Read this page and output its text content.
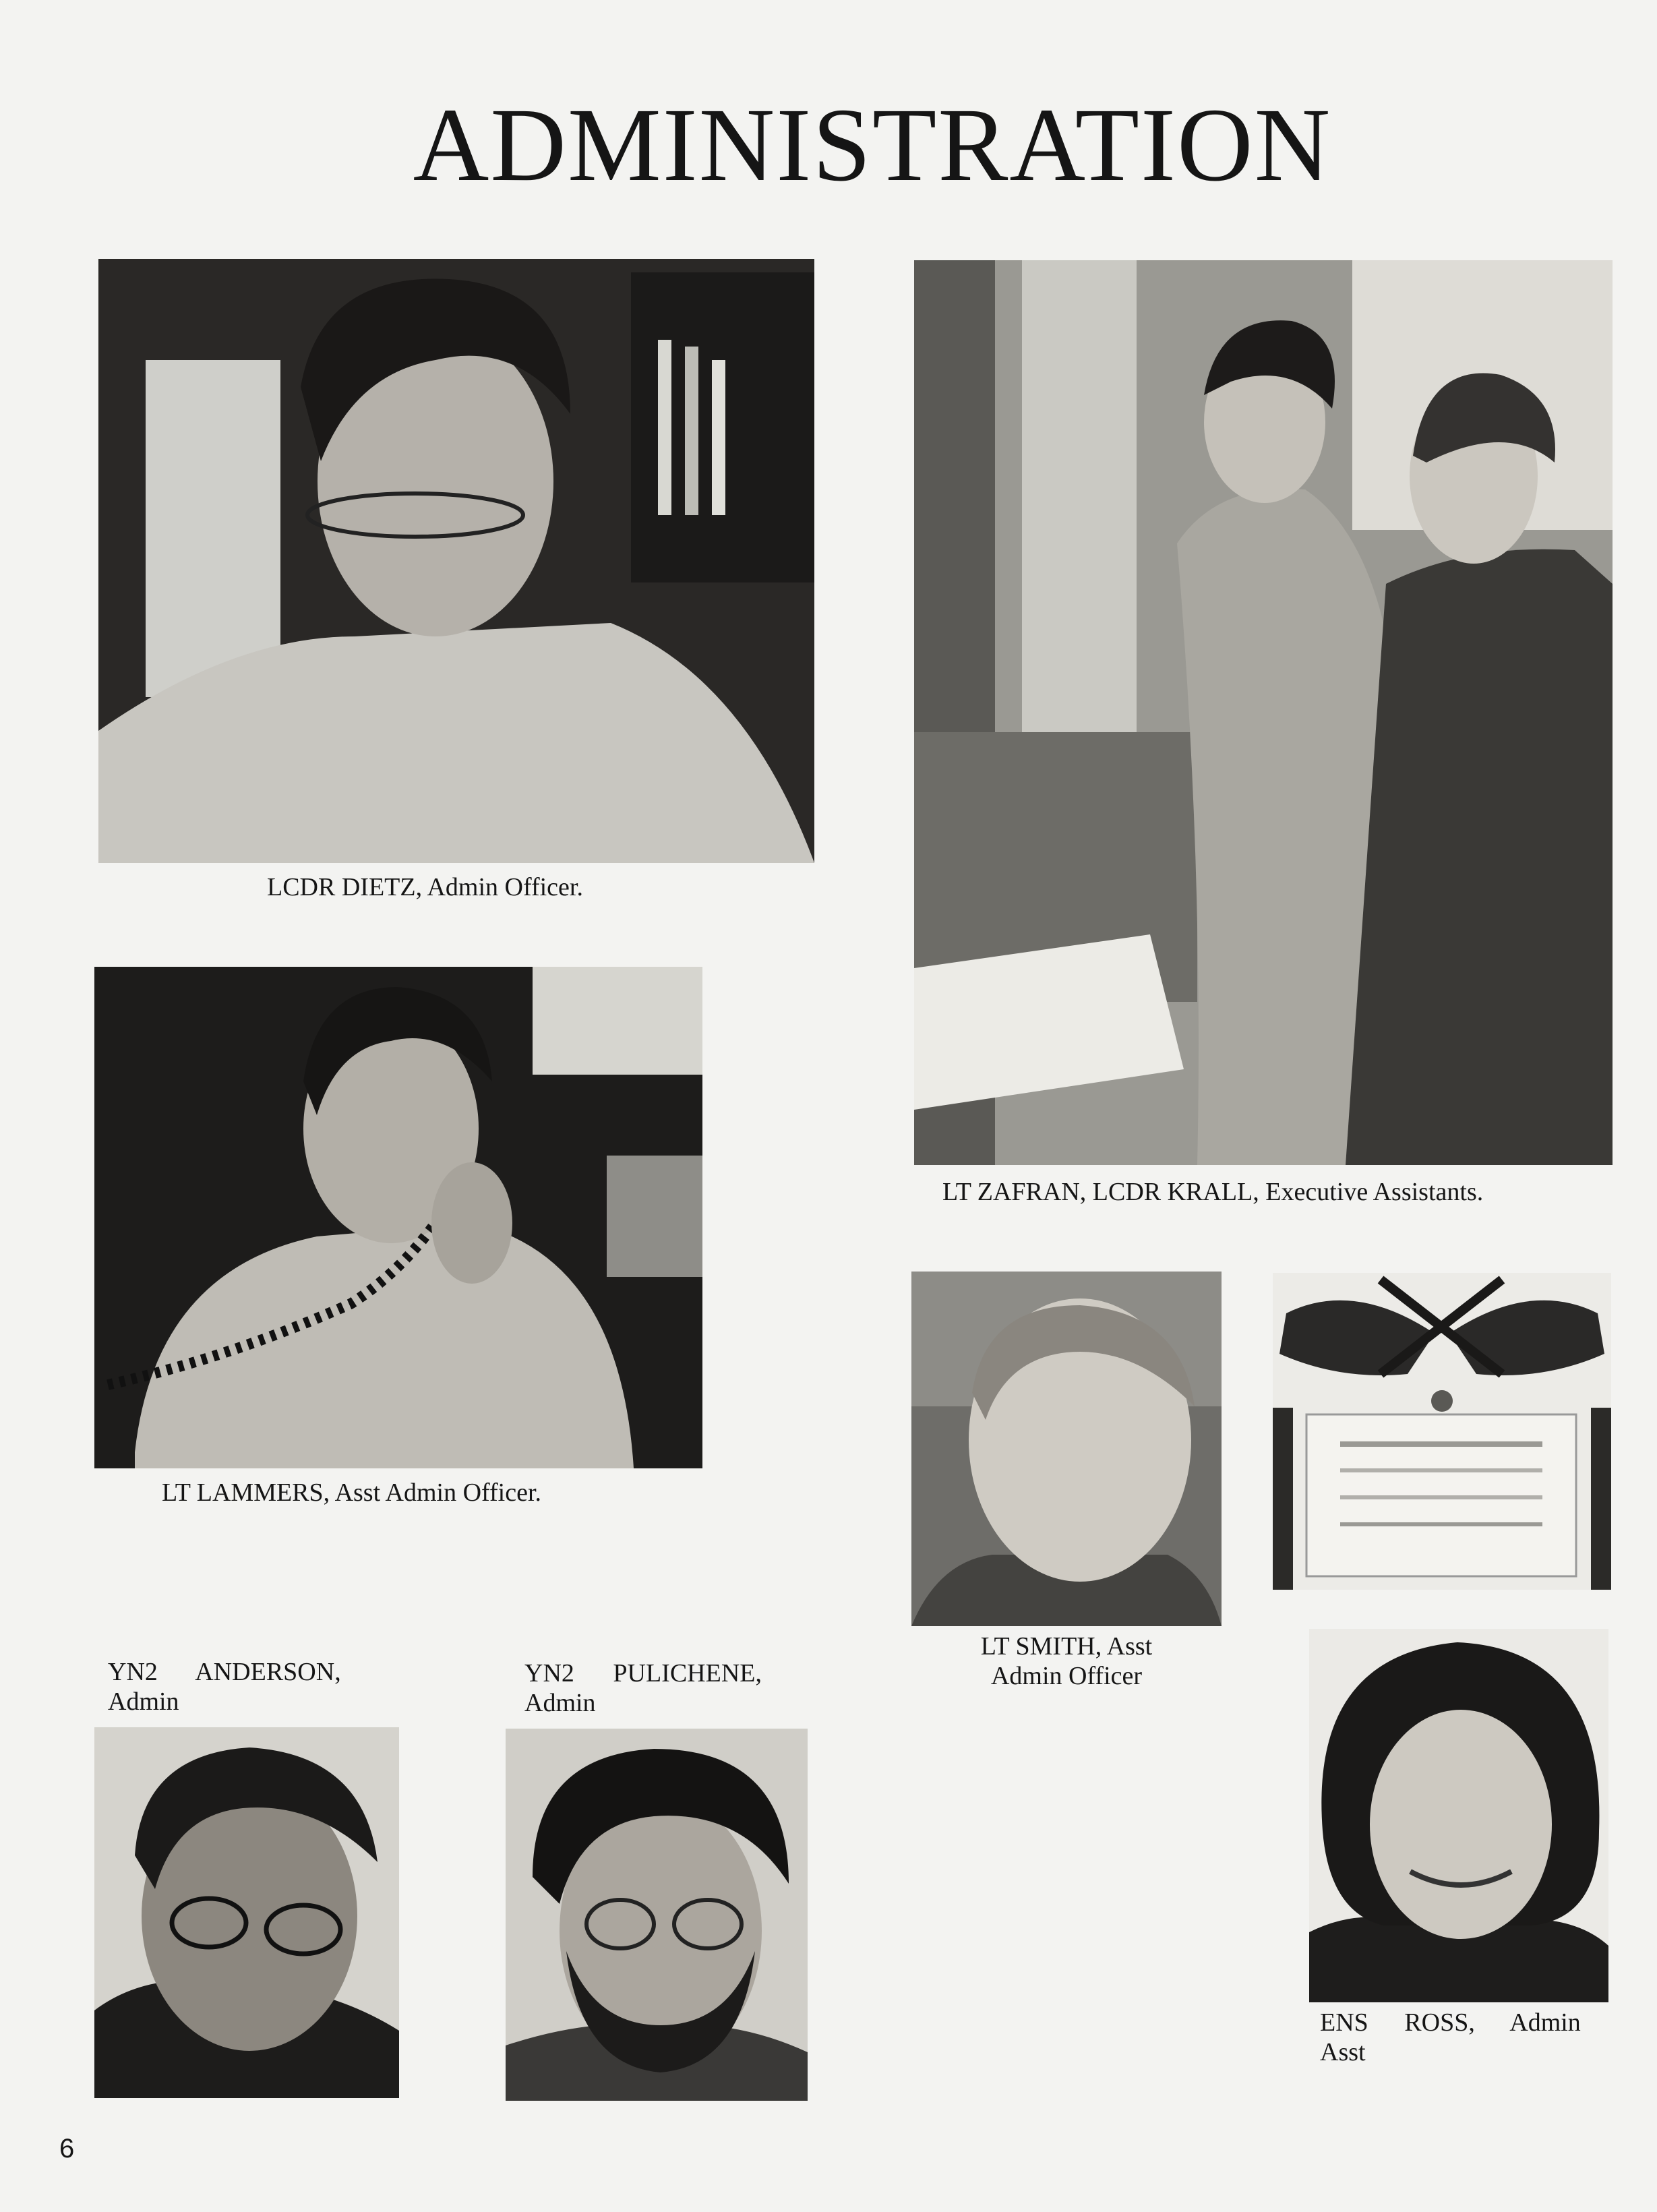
ADMINISTRATION
LCDR DIETZ, Admin Officer.
LT ZAFRAN, LCDR KRALL, Executive Assistants.
LT LAMMERS, Asst Admin Officer.
LT SMITH, Asst
Admin Officer
YN2 ANDERSON,
Admin
YN2 PULICHENE,
Admin
ENS ROSS, Admin
Asst
6
